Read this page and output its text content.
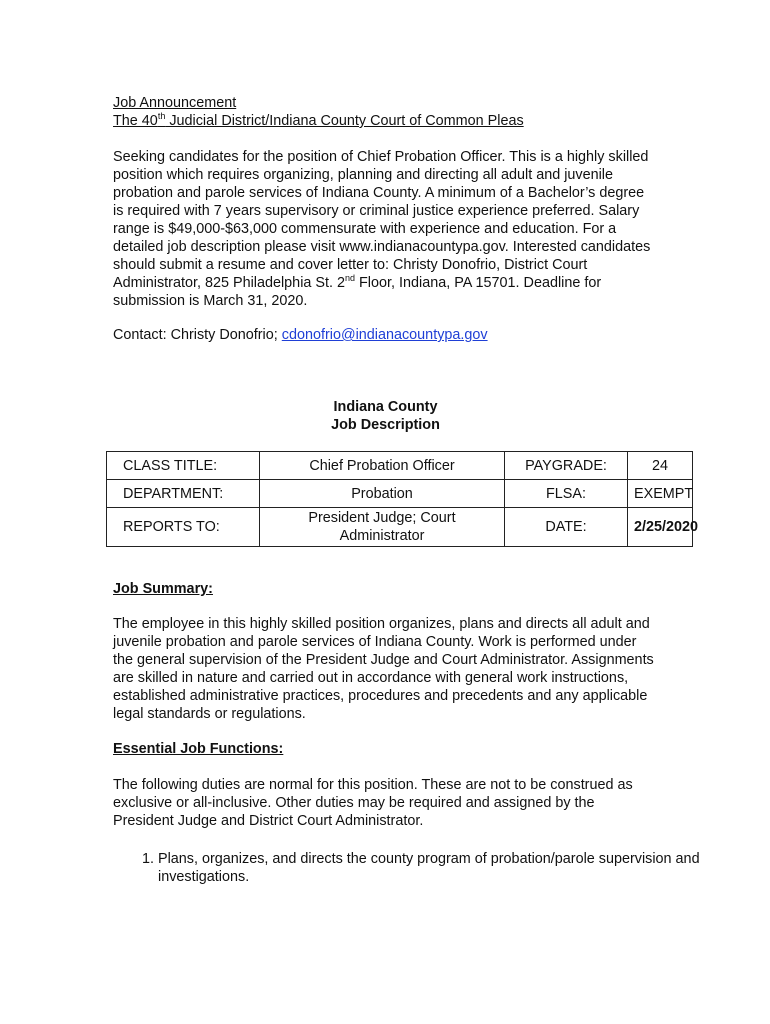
Job Announcement
The 40th Judicial District/Indiana County Court of Common Pleas

Seeking candidates for the position of Chief Probation Officer. This is a highly skilled position which requires organizing, planning and directing all adult and juvenile probation and parole services of Indiana County. A minimum of a Bachelor’s degree is required with 7 years supervisory or criminal justice experience preferred. Salary range is $49,000-$63,000 commensurate with experience and education. For a detailed job description please visit www.indianacountypa.gov. Interested candidates should submit a resume and cover letter to: Christy Donofrio, District Court Administrator, 825 Philadelphia St. 2nd Floor, Indiana, PA 15701. Deadline for submission is March 31, 2020.

Contact: Christy Donofrio; cdonofrio@indianacountypa.gov

Indiana County
Job Description
CLASS TITLE:	Chief Probation Officer	PAYGRADE:	24
DEPARTMENT:	Probation	FLSA:	EXEMPT
REPORTS TO:	President Judge; Court Administrator	DATE:	2/25/2020
Job Summary:

The employee in this highly skilled position organizes, plans and directs all adult and juvenile probation and parole services of Indiana County. Work is performed under the general supervision of the President Judge and Court Administrator. Assignments are skilled in nature and carried out in accordance with general work instructions, established administrative practices, procedures and precedents and any applicable legal standards or regulations.

Essential Job Functions:

The following duties are normal for this position. These are not to be construed as exclusive or all-inclusive. Other duties may be required and assigned by the President Judge and District Court Administrator.

1. Plans, organizes, and directs the county program of probation/parole supervision and investigations.
